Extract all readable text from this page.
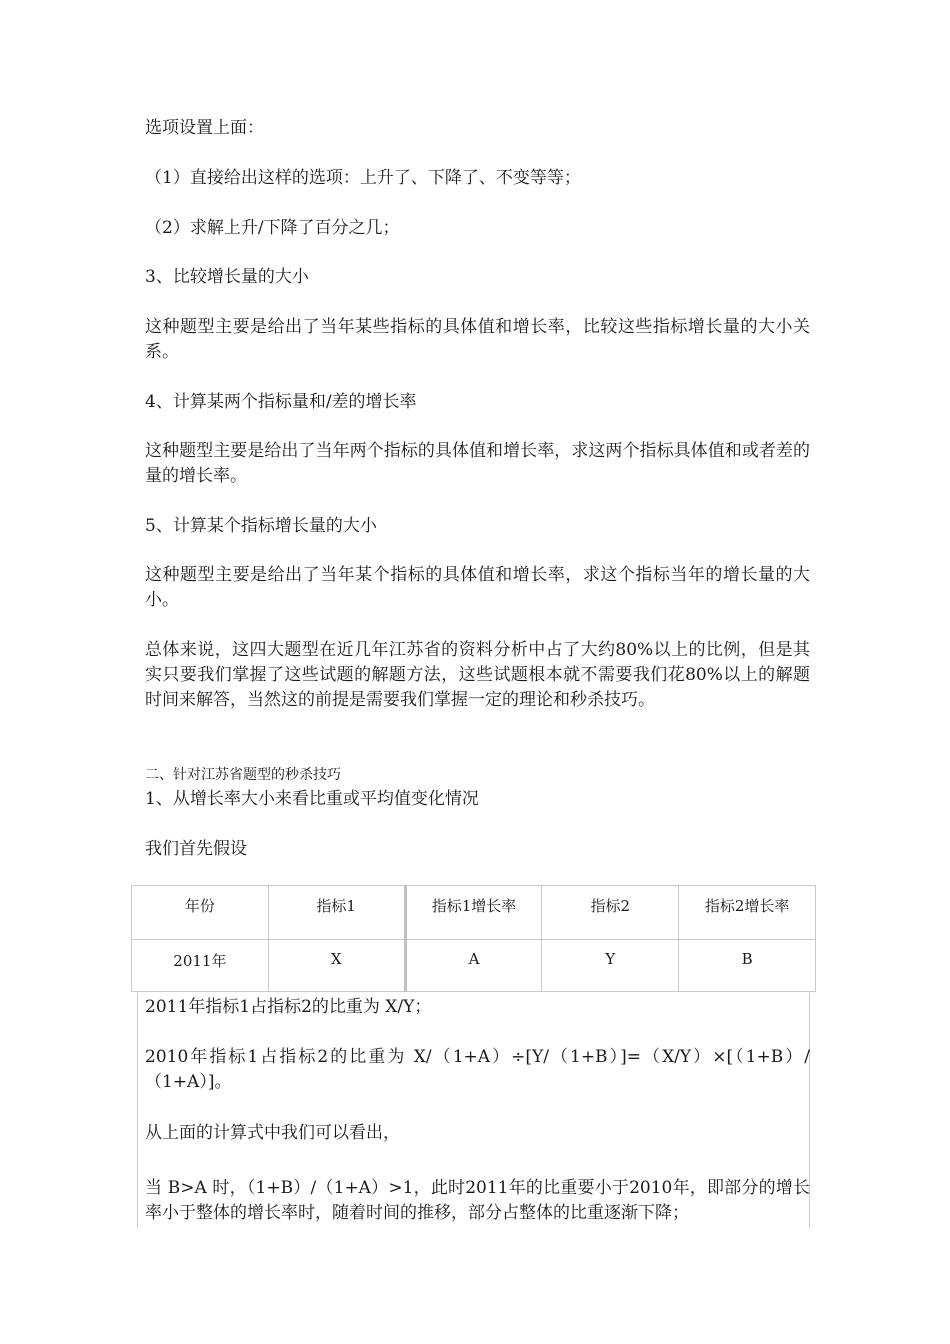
选项设置上面：

（1）直接给出这样的选项：上升了、下降了、不变等等；

（2）求解上升/下降了百分之几；

3、比较增长量的大小

这种题型主要是给出了当年某些指标的具体值和增长率，比较这些指标增长量的大小关系。

4、计算某两个指标量和/差的增长率

这种题型主要是给出了当年两个指标的具体值和增长率，求这两个指标具体值和或者差的量的增长率。

5、计算某个指标增长量的大小

这种题型主要是给出了当年某个指标的具体值和增长率，求这个指标当年的增长量的大小。

总体来说，这四大题型在近几年江苏省的资料分析中占了大约80%以上的比例，但是其实只要我们掌握了这些试题的解题方法，这些试题根本就不需要我们花80%以上的解题时间来解答，当然这的前提是需要我们掌握一定的理论和秒杀技巧。

二、针对江苏省题型的秒杀技巧

1、从增长率大小来看比重或平均值变化情况

我们首先假设

年份	指标1	指标1增长率	指标2	指标2增长率
2011年	X	A	Y	B

2011年指标1占指标2的比重为 X/Y；

2010年指标1占指标2的比重为 X/（1+A）÷[Y/（1+B）]=（X/Y）×[（1+B）/（1+A）]。

从上面的计算式中我们可以看出，

当 B>A 时，（1+B）/（1+A）>1，此时2011年的比重要小于2010年，即部分的增长率小于整体的增长率时，随着时间的推移，部分占整体的比重逐渐下降；
